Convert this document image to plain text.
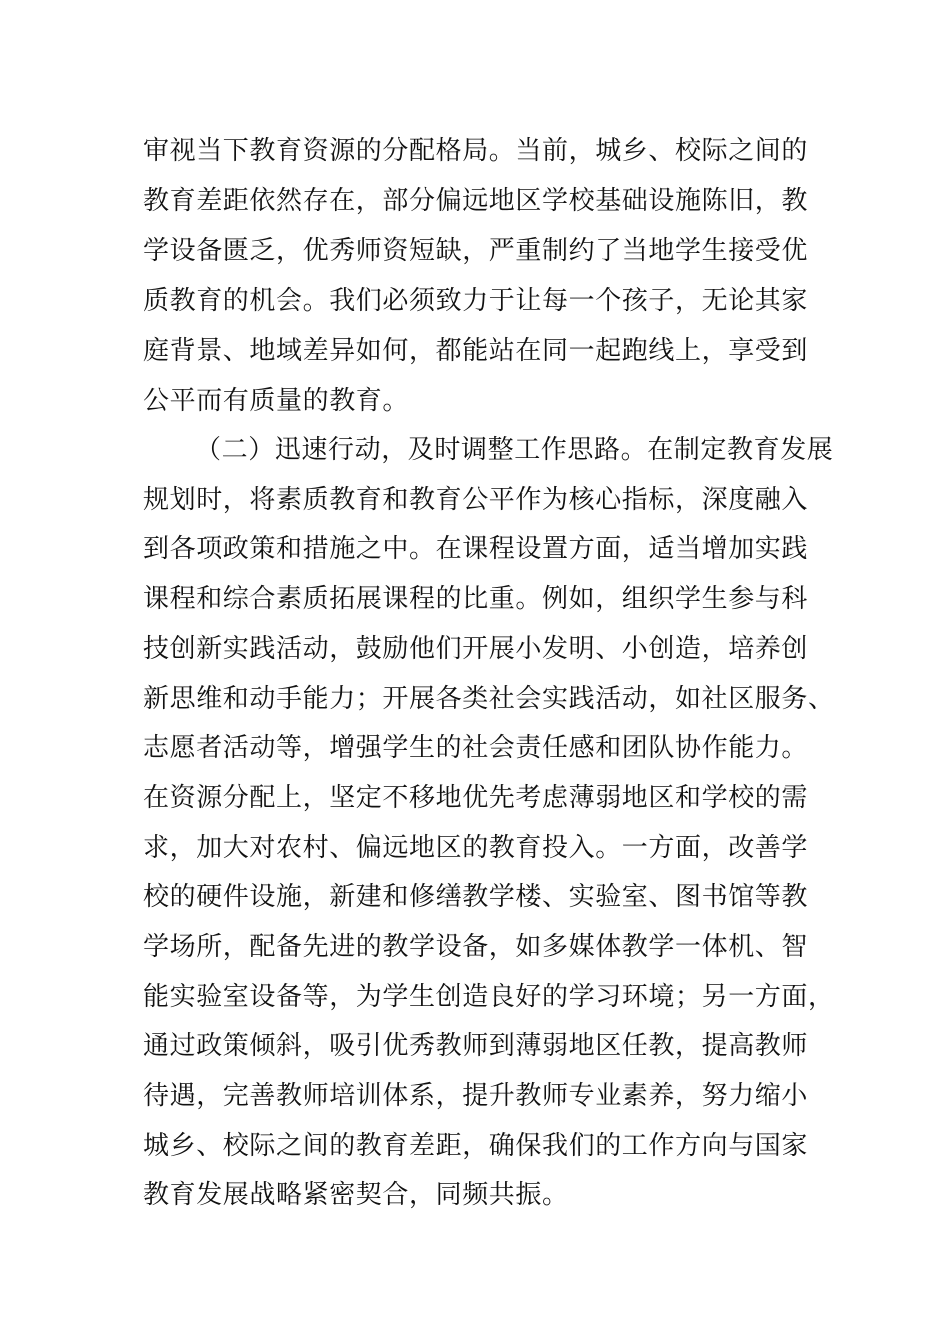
审视当下教育资源的分配格局。当前，城乡、校际之间的
教育差距依然存在，部分偏远地区学校基础设施陈旧，教
学设备匮乏，优秀师资短缺，严重制约了当地学生接受优
质教育的机会。我们必须致力于让每一个孩子，无论其家
庭背景、地域差异如何，都能站在同一起跑线上，享受到
公平而有质量的教育。
（二）迅速行动，及时调整工作思路。在制定教育发展
规划时，将素质教育和教育公平作为核心指标，深度融入
到各项政策和措施之中。在课程设置方面，适当增加实践
课程和综合素质拓展课程的比重。例如，组织学生参与科
技创新实践活动，鼓励他们开展小发明、小创造，培养创
新思维和动手能力；开展各类社会实践活动，如社区服务、
志愿者活动等，增强学生的社会责任感和团队协作能力。
在资源分配上，坚定不移地优先考虑薄弱地区和学校的需
求，加大对农村、偏远地区的教育投入。一方面，改善学
校的硬件设施，新建和修缮教学楼、实验室、图书馆等教
学场所，配备先进的教学设备，如多媒体教学一体机、智
能实验室设备等，为学生创造良好的学习环境；另一方面，
通过政策倾斜，吸引优秀教师到薄弱地区任教，提高教师
待遇，完善教师培训体系，提升教师专业素养，努力缩小
城乡、校际之间的教育差距，确保我们的工作方向与国家
教育发展战略紧密契合，同频共振。
